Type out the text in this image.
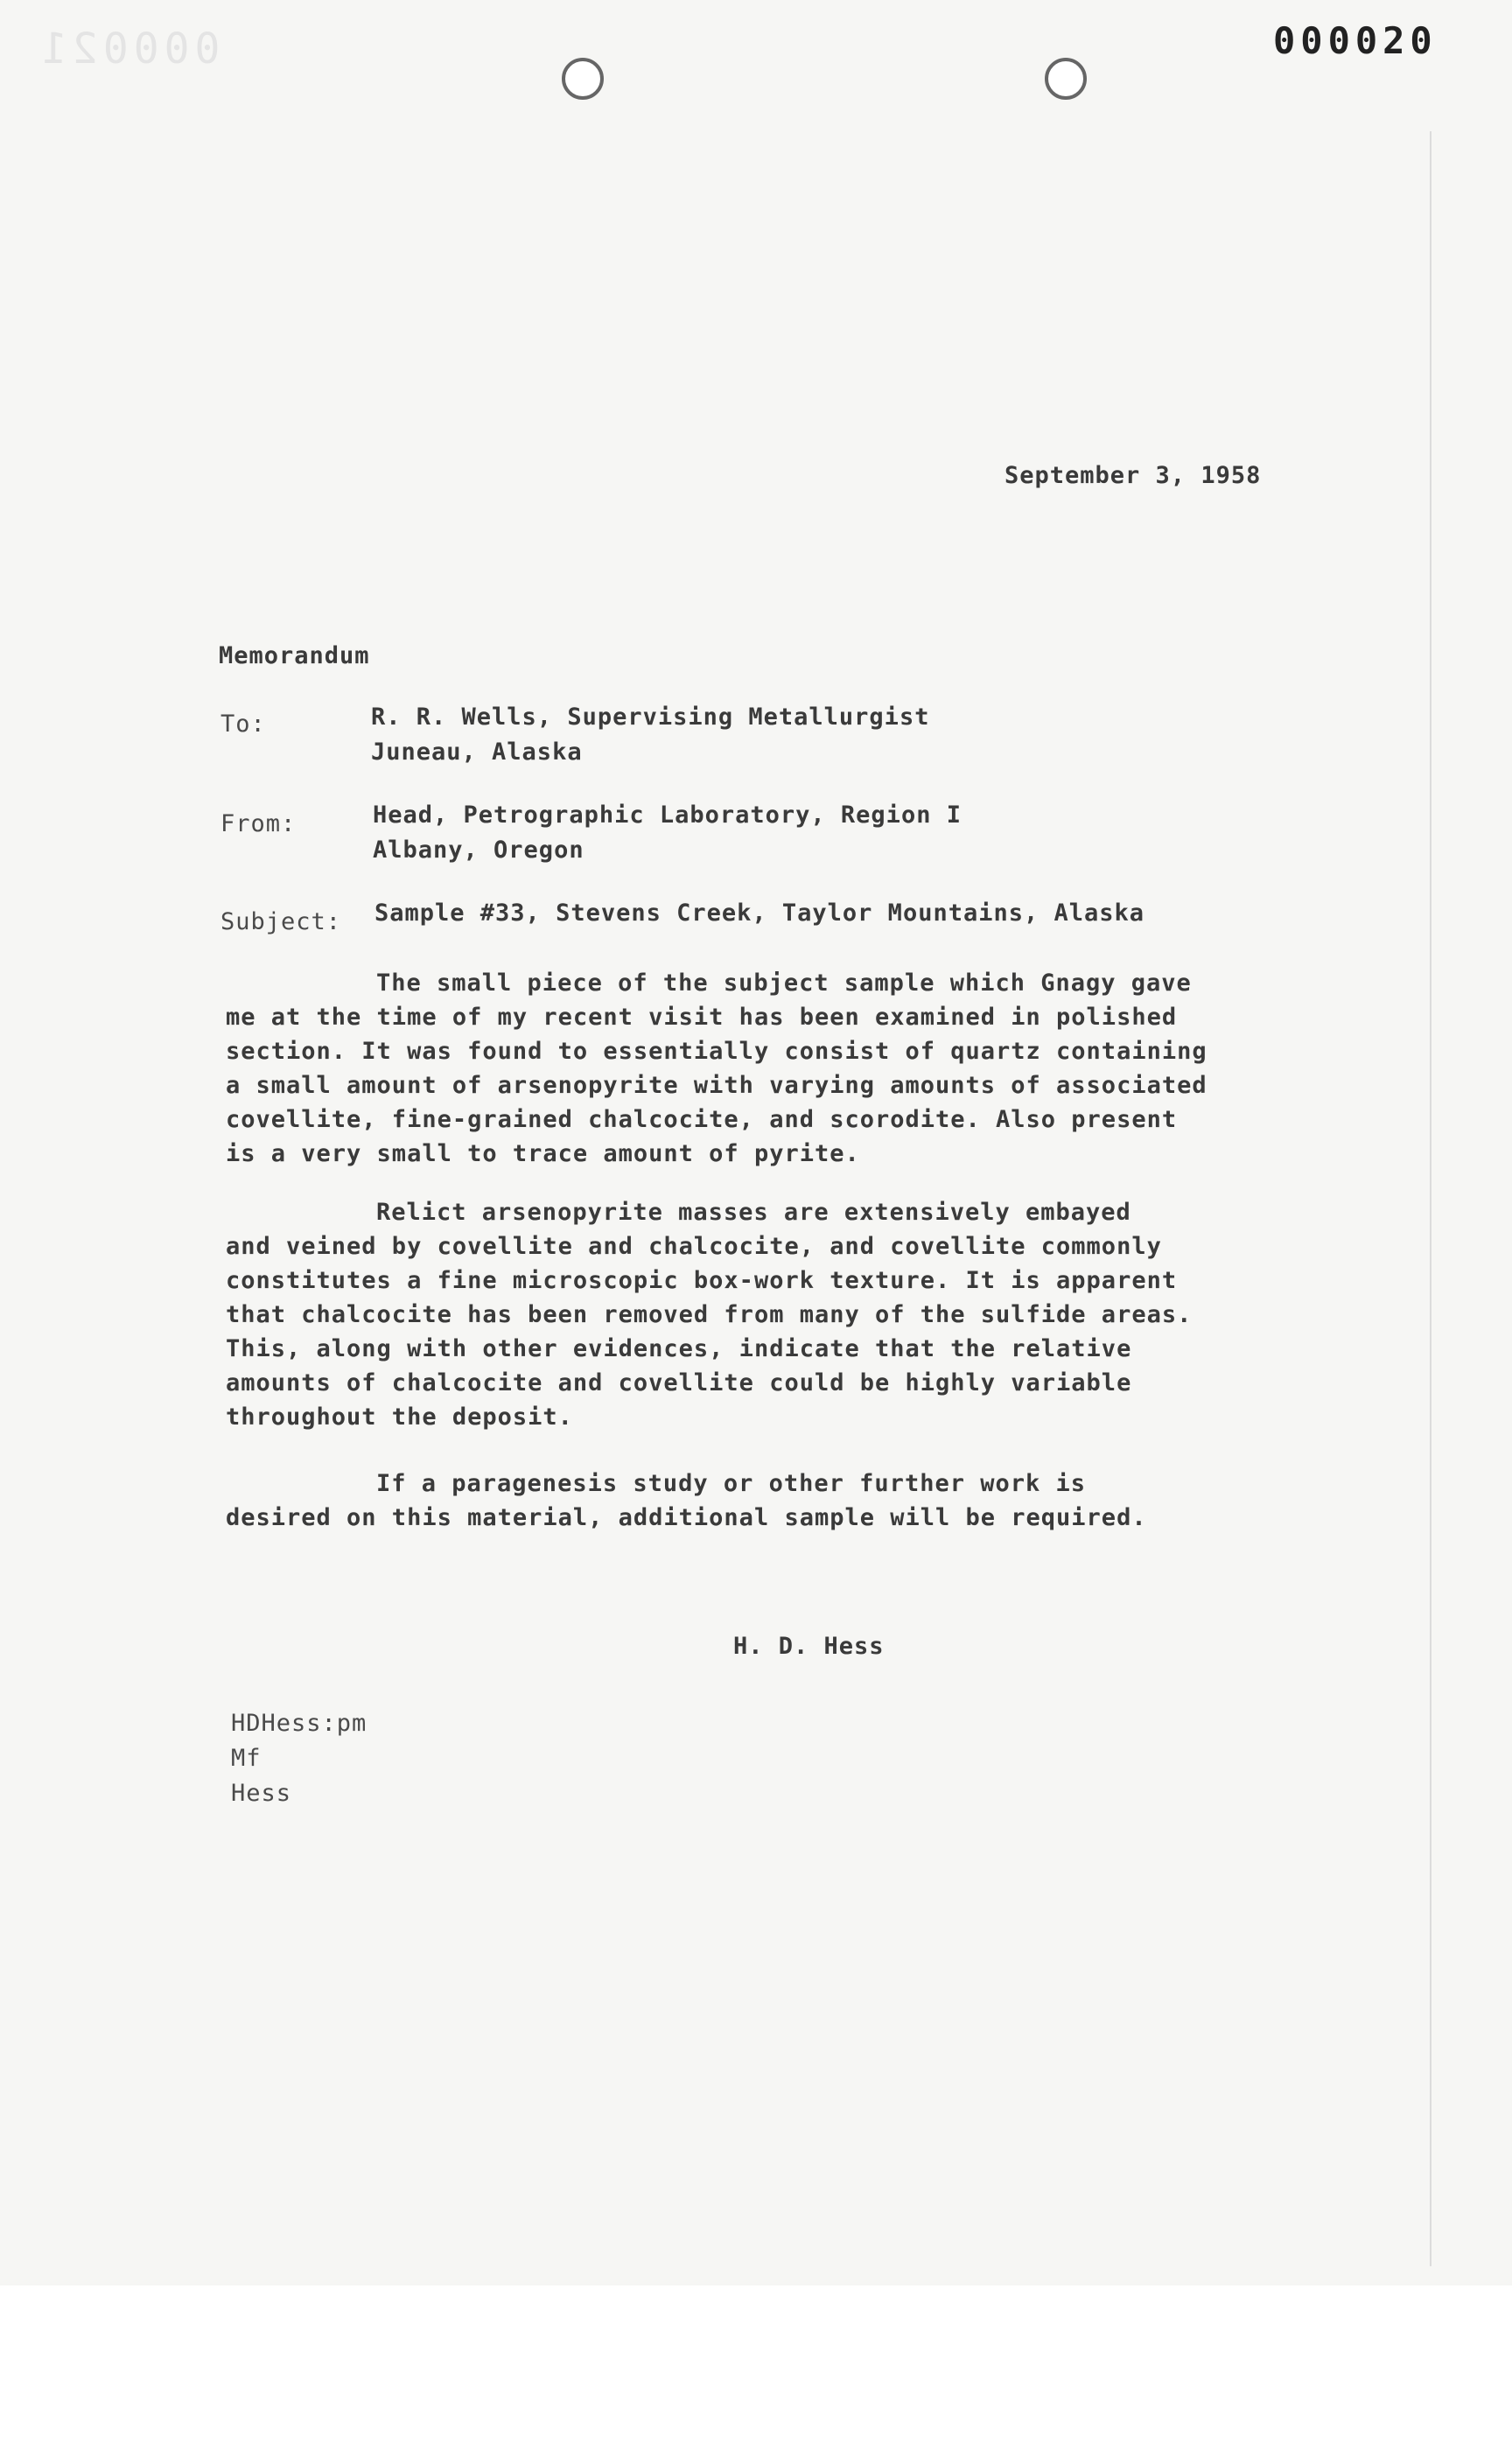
000021	000020
September 3, 1958
Memorandum
To:	R. R. Wells, Supervising Metallurgist
Juneau, Alaska
From:	Head, Petrographic Laboratory, Region I
Albany, Oregon
Subject: Sample #33, Stevens Creek, Taylor Mountains, Alaska
The small piece of the subject sample which Gnagy gave
me at the time of my recent visit has been examined in polished
section. It was found to essentially consist of quartz containing
a small amount of arsenopyrite with varying amounts of associated
covellite, fine-grained chalcocite, and scorodite. Also present
is a very small to trace amount of pyrite.
Relict arsenopyrite masses are extensively embayed
and veined by covellite and chalcocite, and covellite commonly
constitutes a fine microscopic box-work texture. It is apparent
that chalcocite has been removed from many of the sulfide areas.
This, along with other evidences, indicate that the relative
amounts of chalcocite and covellite could be highly variable
throughout the deposit.
If a paragenesis study or other further work is
desired on this material, additional sample will be required.
H. D. Hess
HDHess:pm
Mf
Hess
